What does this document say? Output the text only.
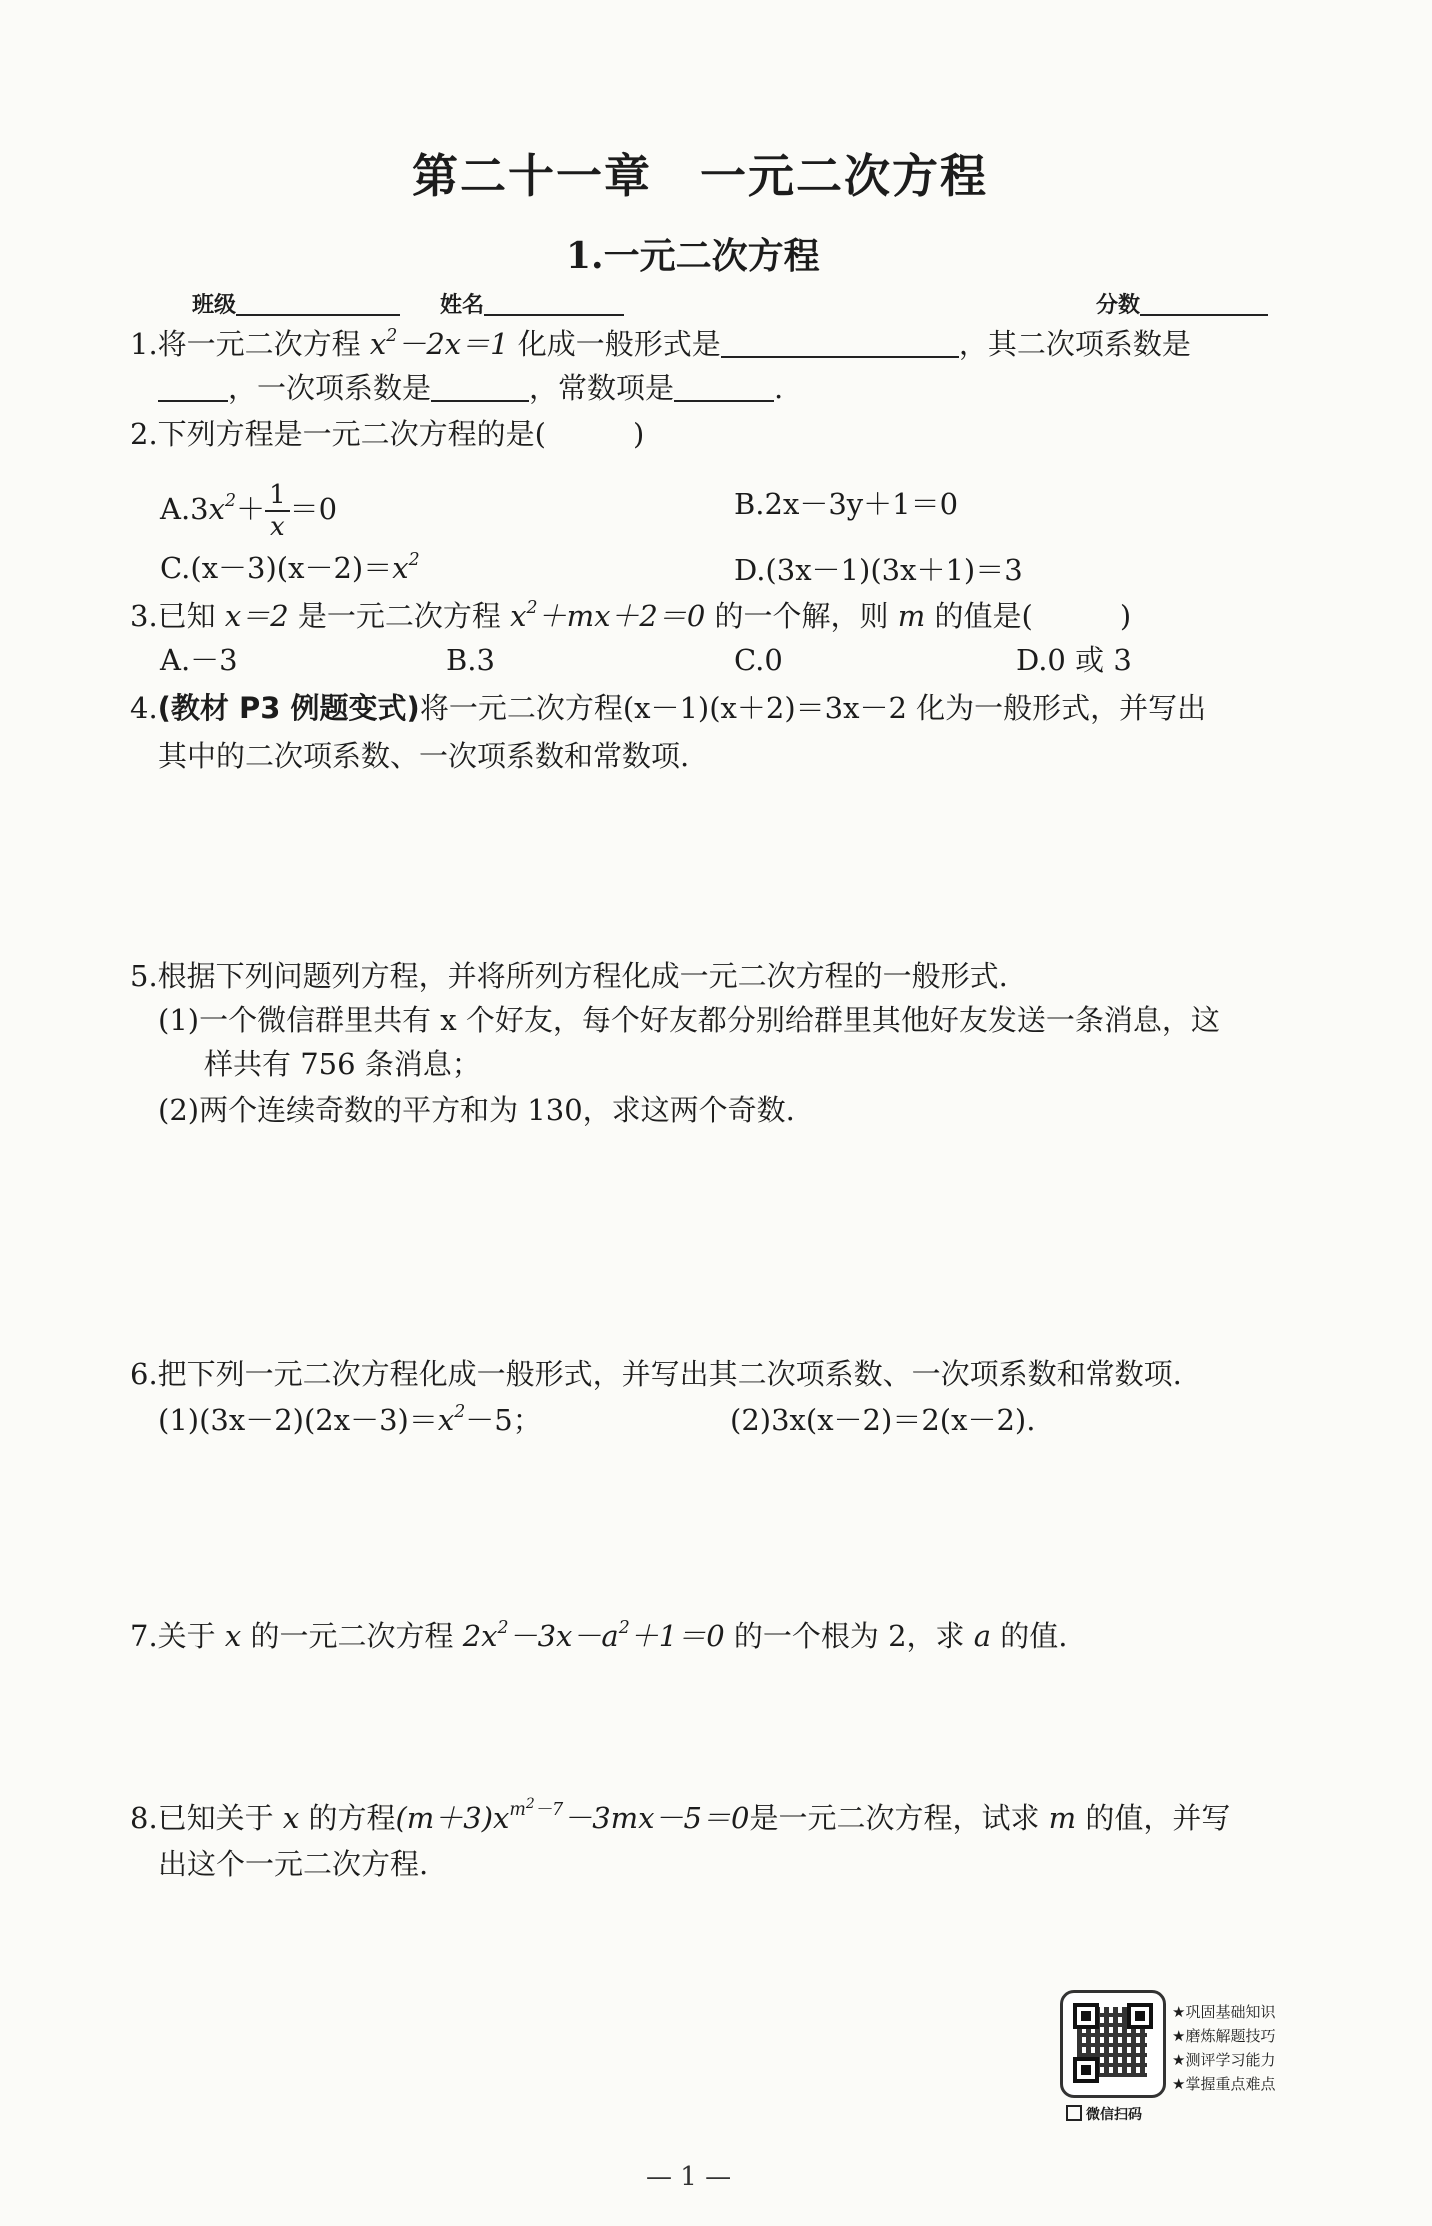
第二十一章　一元二次方程
1.一元二次方程
班级	姓名	分数
1.将一元二次方程 $x^2-2x=1$ 化成一般形式是	，其二次项系数是
，一次项系数是	，常数项是	.
2.下列方程是一元二次方程的是(　　　)
$A.3x^2+ \frac{1}{x} =0$	B.2x－3y＋1＝0
$C.(x-3)(x-2)=x^2$	D.(3x－1)(3x＋1)＝3
3.已知 x＝2 是一元二次方程 $x^2+mx+2=0$ 的一个解，则 m 的值是(　　　)
A.－3	B.3	C.0	D.0 或 3
4.(教材 P3 例题变式)将一元二次方程(x－1)(x＋2)＝3x－2 化为一般形式，并写出
其中的二次项系数、一次项系数和常数项.
5.根据下列问题列方程，并将所列方程化成一元二次方程的一般形式.
(1)一个微信群里共有 x 个好友，每个好友都分别给群里其他好友发送一条消息，这
样共有 756 条消息；
(2)两个连续奇数的平方和为 130，求这两个奇数.
6.把下列一元二次方程化成一般形式，并写出其二次项系数、一次项系数和常数项.
$(1)(3x-2)(2x-3)=x^2-5$；	(2)3x(x－2)＝2(x－2).
7.关于 x 的一元二次方程 $2x^2-3x-a^2+1=0$ 的一个根为 2，求 a 的值.
8.已知关于 x 的方程$(m+3)x^{m^2-7}-3mx-5=0$是一元二次方程，试求 m 的值，并写
出这个一元二次方程.
★巩固基础知识
★磨炼解题技巧
★测评学习能力
★掌握重点难点
微信扫码
— 1 —
